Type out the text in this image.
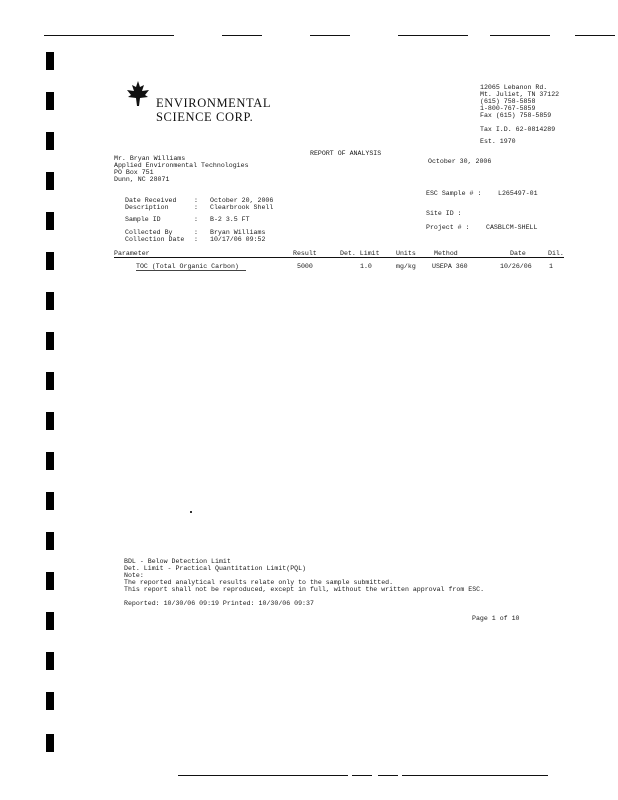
ENVIRONMENTAL
SCIENCE CORP.
12065 Lebanon Rd.
Mt. Juliet, TN 37122
(615) 758-5858
1-800-767-5859
Fax (615) 758-5859
Tax I.D. 62-0814289
Est. 1970
REPORT OF ANALYSIS
October 30, 2006
Mr. Bryan Williams
Applied Environmental Technologies
PO Box 751
Dunn, NC 28071
Date Received	: October 20, 2006
Description	: Clearbrook Shell
Sample ID	: B-2 3.5 FT
Collected By	: Bryan Williams
Collection Date : 10/17/06 09:52
ESC Sample # :	L265497-01
Site ID :
Project # : CASBLCM-SHELL
Parameter	Result	Det. Limit Units	Method	Date	Dil.
TOC (Total Organic Carbon)	5000	1.0	mg/kg USEPA 360	10/26/06	1
BDL - Below Detection Limit
Det. Limit - Practical Quantitation Limit(PQL)
Note:
The reported analytical results relate only to the sample submitted.
This report shall not be reproduced, except in full, without the written approval from ESC.
Reported: 10/30/06 09:19 Printed: 10/30/06 09:37
Page 1 of 10
